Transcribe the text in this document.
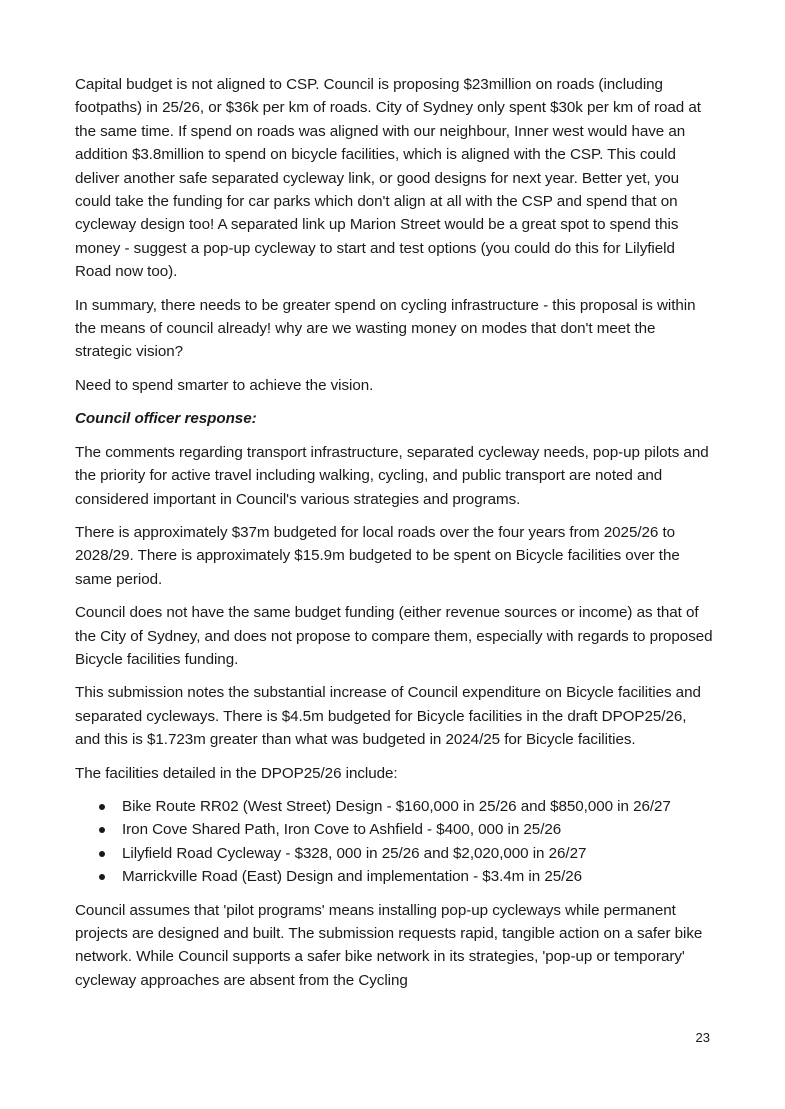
Capital budget is not aligned to CSP. Council is proposing $23million on roads (including footpaths) in 25/26, or $36k per km of roads. City of Sydney only spent $30k per km of road at the same time. If spend on roads was aligned with our neighbour, Inner west would have an addition $3.8million to spend on bicycle facilities, which is aligned with the CSP. This could deliver another safe separated cycleway link, or good designs for next year. Better yet, you could take the funding for car parks which don't align at all with the CSP and spend that on cycleway design too! A separated link up Marion Street would be a great spot to spend this money - suggest a pop-up cycleway to start and test options (you could do this for Lilyfield Road now too).

In summary, there needs to be greater spend on cycling infrastructure - this proposal is within the means of council already! why are we wasting money on modes that don't meet the strategic vision?

Need to spend smarter to achieve the vision.

Council officer response:

The comments regarding transport infrastructure, separated cycleway needs, pop-up pilots and the priority for active travel including walking, cycling, and public transport are noted and considered important in Council's various strategies and programs.

There is approximately $37m budgeted for local roads over the four years from 2025/26 to 2028/29. There is approximately $15.9m budgeted to be spent on Bicycle facilities over the same period.

Council does not have the same budget funding (either revenue sources or income) as that of the City of Sydney, and does not propose to compare them, especially with regards to proposed Bicycle facilities funding.

This submission notes the substantial increase of Council expenditure on Bicycle facilities and separated cycleways. There is $4.5m budgeted for Bicycle facilities in the draft DPOP25/26, and this is $1.723m greater than what was budgeted in 2024/25 for Bicycle facilities.

The facilities detailed in the DPOP25/26 include:

Bike Route RR02 (West Street) Design - $160,000 in 25/26 and $850,000 in 26/27
Iron Cove Shared Path, Iron Cove to Ashfield - $400, 000 in 25/26
Lilyfield Road Cycleway - $328, 000 in 25/26 and $2,020,000 in 26/27
Marrickville Road (East) Design and implementation - $3.4m in 25/26

Council assumes that 'pilot programs' means installing pop-up cycleways while permanent projects are designed and built. The submission requests rapid, tangible action on a safer bike network. While Council supports a safer bike network in its strategies, 'pop-up or temporary' cycleway approaches are absent from the Cycling

23
